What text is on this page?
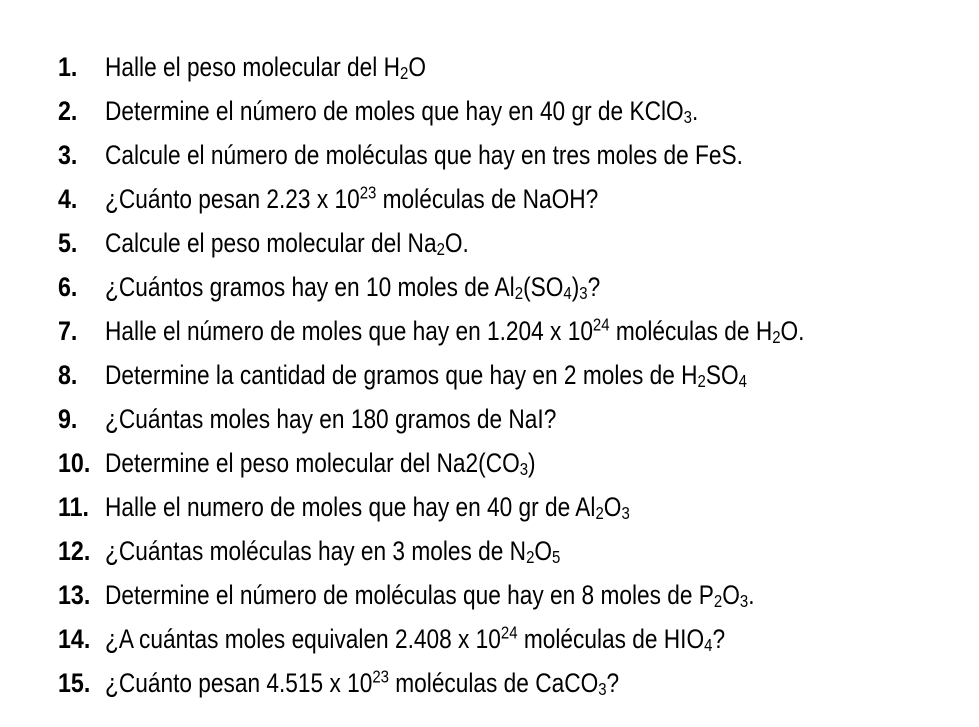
1.	Halle el peso molecular del $H_2O$
2.	Determine el número de moles que hay en 40 gr de KClO$_3$.
3.	Calcule el número de moléculas que hay en tres moles de FeS.
4.	¿Cuánto pesan 2.23 x $10^{23}$ moléculas de NaOH?
5.	Calcule el peso molecular del $Na_2O$.
6.	¿Cuántos gramos hay en 10 moles de $Al_2(SO_4)_3$?
7.	Halle el número de moles que hay en 1.204 x $10^{24}$ moléculas de $H_2O$.
8.	Determine la cantidad de gramos que hay en 2 moles de $H_2SO_4$
9.	¿Cuántas moles hay en 180 gramos de NaI?
10. Determine el peso molecular del $Na2(CO_3)$
11. Halle el numero de moles que hay en 40 gr de $Al_2O_3$
12. ¿Cuántas moléculas hay en 3 moles de $N_2O_5$
13. Determine el número de moléculas que hay en 8 moles de $P_2O_3$.
14. ¿A cuántas moles equivalen 2.408 x $10^{24}$ moléculas de $HIO_4$?
15. ¿Cuánto pesan 4.515 x $10^{23}$ moléculas de CaCO$_3$?
